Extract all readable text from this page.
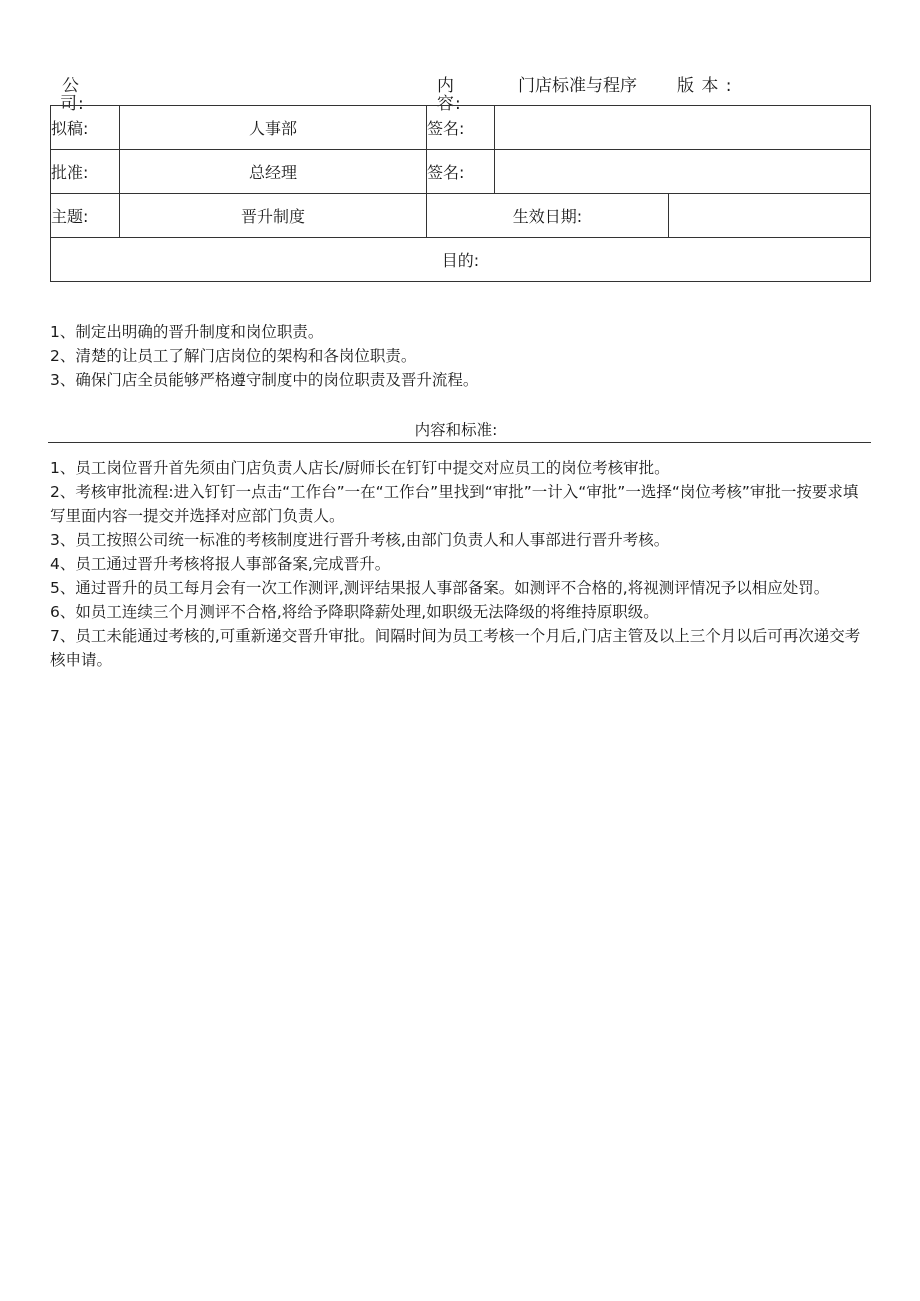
公
司:
内
容:
门店标准与程序 版 本 :
拟稿:	人事部	签名:		
批准:	总经理	签名:		
主题:	晋升制度	生效日期:		
目的:				

1、制定出明确的晋升制度和岗位职责。

2、清楚的让员工了解门店岗位的架构和各岗位职责。

3、确保门店全员能够严格遵守制度中的岗位职责及晋升流程。

内容和标准:

1、员工岗位晋升首先须由门店负责人店长/厨师长在钉钉中提交对应员工的岗位考核审批。

2、考核审批流程:进入钉钉一点击“工作台”一在“工作台”里找到“审批”一计入“审批”一选择“岗位考核”审批一按要求填写里面内容一提交并选择对应部门负责人。

3、员工按照公司统一标准的考核制度进行晋升考核,由部门负责人和人事部进行晋升考核。

4、员工通过晋升考核将报人事部备案,完成晋升。

5、通过晋升的员工每月会有一次工作测评,测评结果报人事部备案。如测评不合格的,将视测评情况予以相应处罚。

6、如员工连续三个月测评不合格,将给予降职降薪处理,如职级无法降级的将维持原职级。

7、员工未能通过考核的,可重新递交晋升审批。间隔时间为员工考核一个月后,门店主管及以上三个月以后可再次递交考核申请。
